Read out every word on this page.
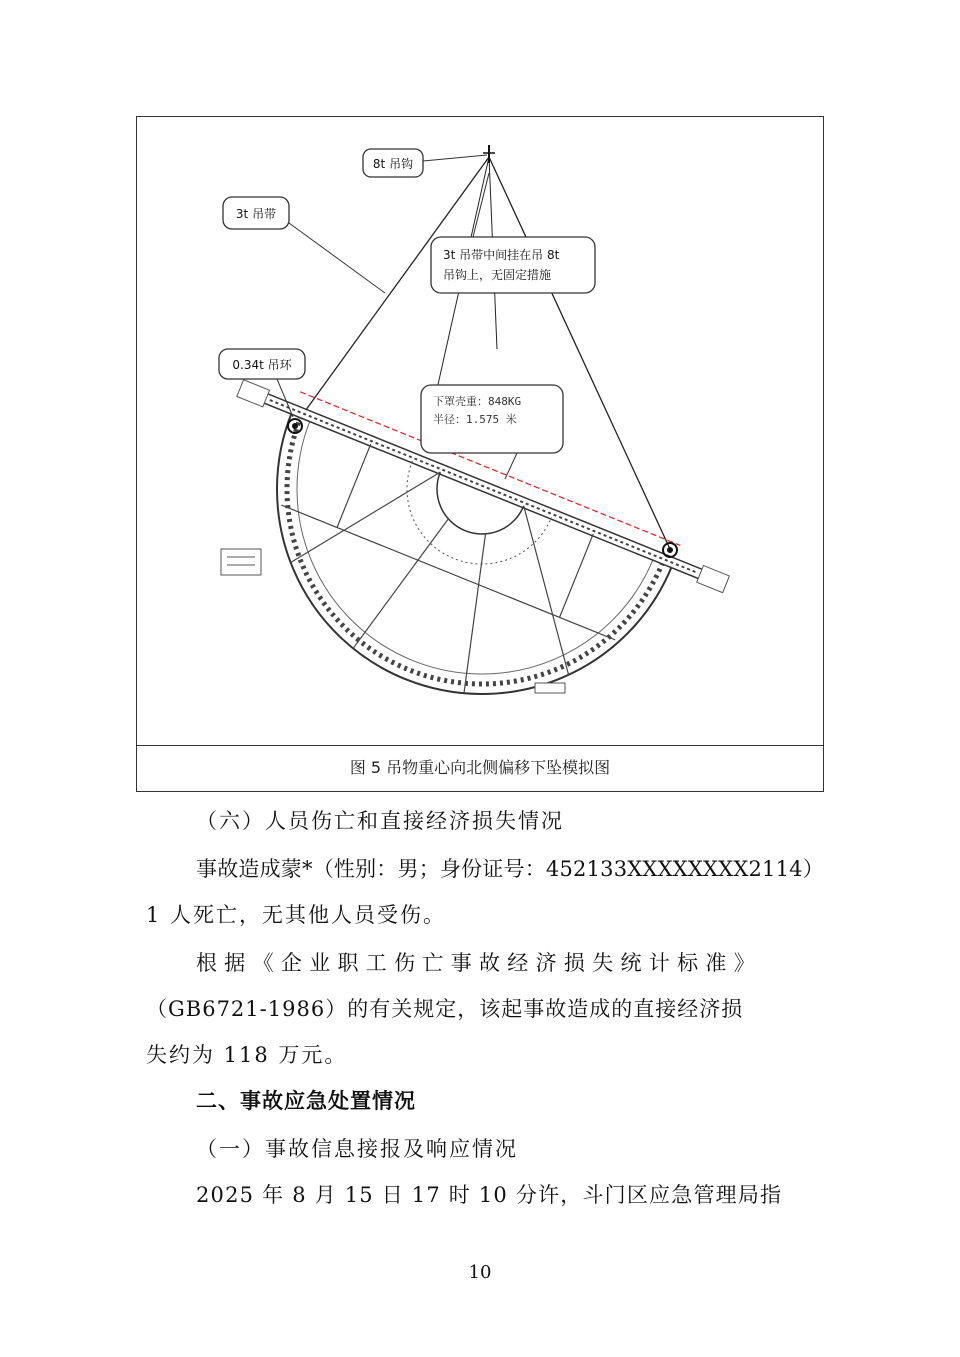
8t 吊钩
3t 吊带
3t 吊带中间挂在吊 8t
吊钩上，无固定措施
0.34t 吊环
下罩壳重：848KG
半径：1.575 米
图 5 吊物重心向北侧偏移下坠模拟图
（六）人员伤亡和直接经济损失情况
事故造成蒙*（性别：男；身份证号：452133XXXXXXXX2114）
1 人死亡，无其他人员受伤。
根据《企业职工伤亡事故经济损失统计标准》
（GB6721-1986）的有关规定，该起事故造成的直接经济损
失约为 118 万元。
二、事故应急处置情况
（一）事故信息接报及响应情况
2025 年 8 月 15 日 17 时 10 分许，斗门区应急管理局指
10
